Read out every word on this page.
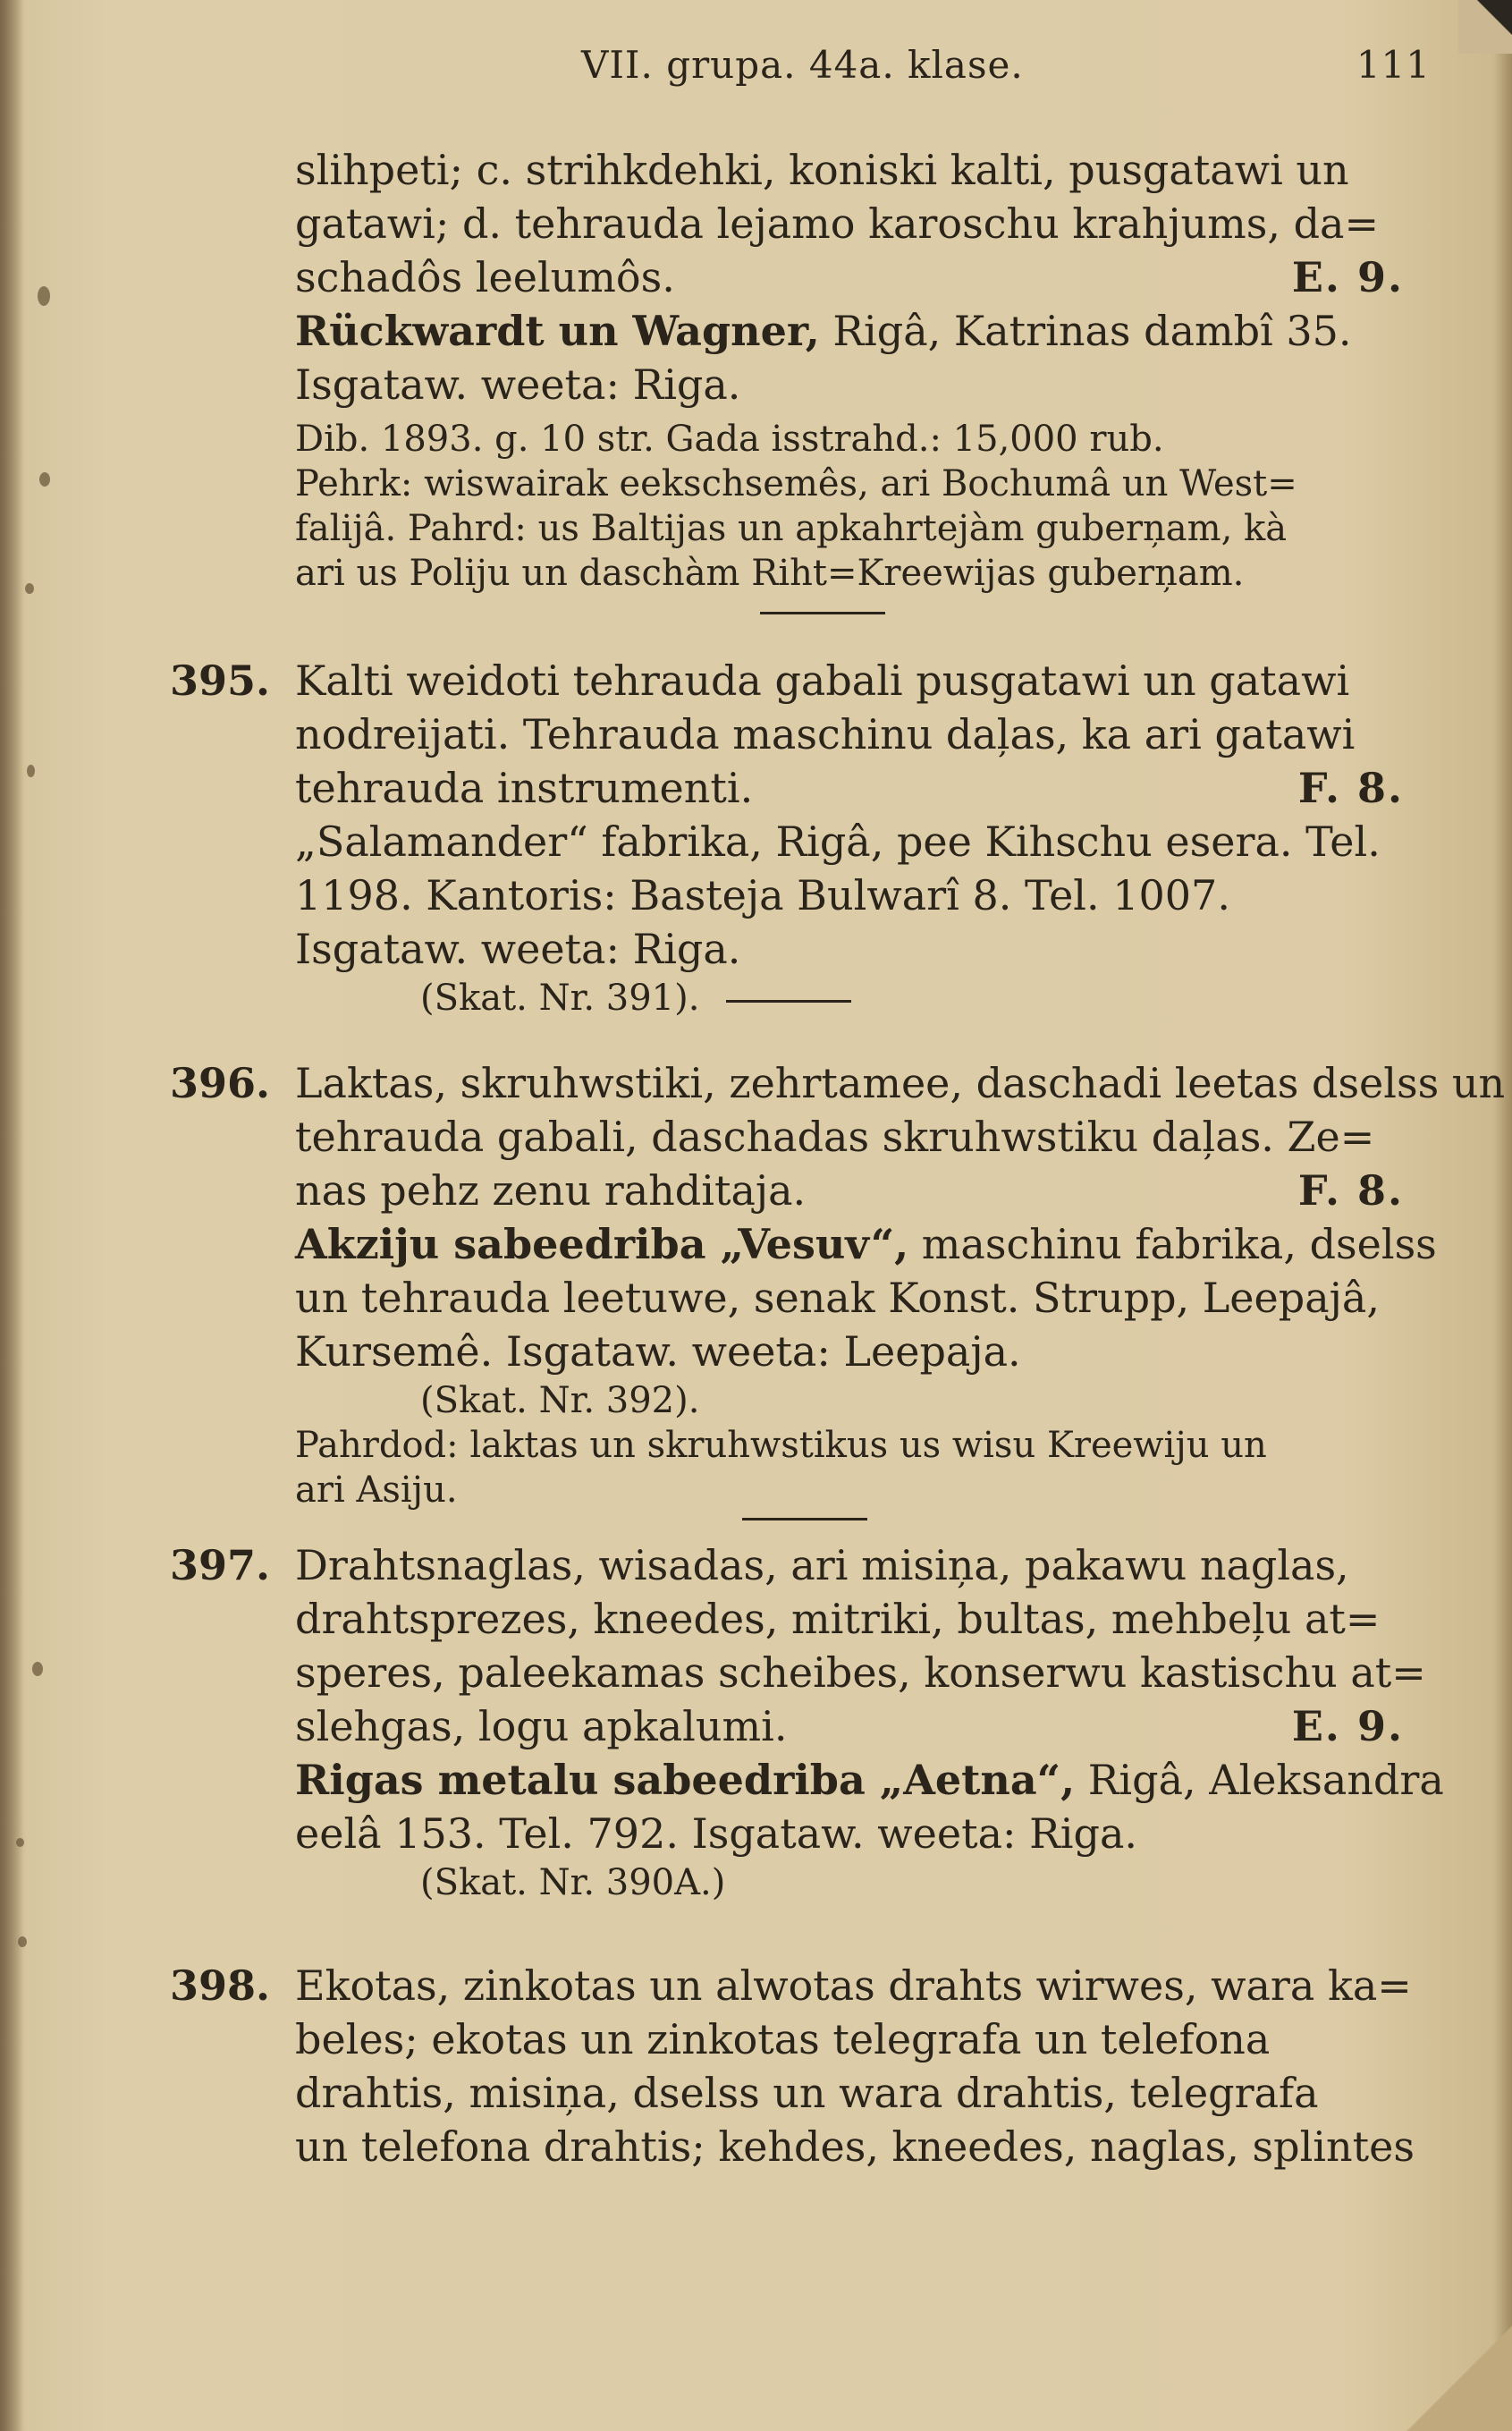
VII. grupa. 44a. klase.	111
slihpeti; c. strihkdehki, koniski kalti, pusgatawi un
gatawi; d. tehrauda lejamo karoschu krahjums, da=
schadôs leelumôs.	E. 9.
Rückwardt un Wagner, Rigâ, Katrinas dambî 35.
Isgataw. weeta: Riga.
Dib. 1893. g. 10 str. Gada isstrahd.: 15,000 rub.
Pehrk: wiswairak eekschsemês, ari Bochumâ un West=
falijâ. Pahrd: us Baltijas un apkahrtejàm guberņam, kà
ari us Poliju un daschàm Riht=Kreewijas guberņam.
395. Kalti weidoti tehrauda gabali pusgatawi un gatawi
nodreijati. Tehrauda maschinu daļas, ka ari gatawi
tehrauda instrumenti.	F. 8.
„Salamander“ fabrika, Rigâ, pee Kihschu esera. Tel.
1198. Kantoris: Basteja Bulwarî 8. Tel. 1007.
Isgataw. weeta: Riga.
(Skat. Nr. 391).
396. Laktas, skruhwstiki, zehrtamee, daschadi leetas dselss un
tehrauda gabali, daschadas skruhwstiku daļas. Ze=
nas pehz zenu rahditaja.	F. 8.
Akziju sabeedriba „Vesuv“, maschinu fabrika, dselss
un tehrauda leetuwe, senak Konst. Strupp, Leepajâ,
Kursemê. Isgataw. weeta: Leepaja.
(Skat. Nr. 392).
Pahrdod: laktas un skruhwstikus us wisu Kreewiju un
ari Asiju.
397. Drahtsnaglas, wisadas, ari misiņa, pakawu naglas,
drahtsprezes, kneedes, mitriki, bultas, mehbeļu at=
speres, paleekamas scheibes, konserwu kastischu at=
slehgas, logu apkalumi.	E. 9.
Rigas metalu sabeedriba „Aetna“, Rigâ, Aleksandra
eelâ 153. Tel. 792. Isgataw. weeta: Riga.
(Skat. Nr. 390A.)
398. Ekotas, zinkotas un alwotas drahts wirwes, wara ka=
beles; ekotas un zinkotas telegrafa un telefona
drahtis, misiņa, dselss un wara drahtis, telegrafa
un telefona drahtis; kehdes, kneedes, naglas, splintes
